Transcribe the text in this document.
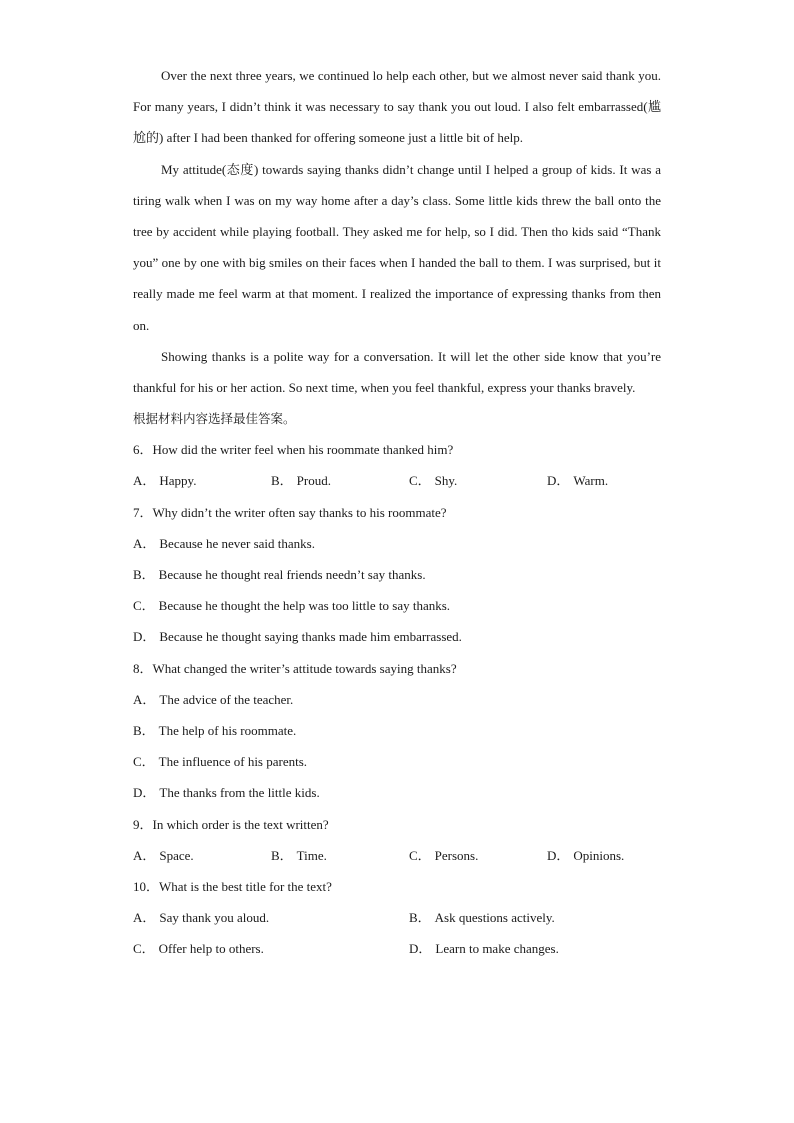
Over the next three years, we continued lo help each other, but we almost never said thank you. For many years, I didn’t think it was necessary to say thank you out loud. I also felt embarrassed(尴尬的) after I had been thanked for offering someone just a little bit of help.

My attitude(态度) towards saying thanks didn’t change until I helped a group of kids. It was a tiring walk when I was on my way home after a day’s class. Some little kids threw the ball onto the tree by accident while playing football. They asked me for help, so I did. Then tho kids said “Thank you” one by one with big smiles on their faces when I handed the ball to them. I was surprised, but it really made me feel warm at that moment. I realized the importance of expressing thanks from then on.

Showing thanks is a polite way for a conversation. It will let the other side know that you’re thankful for his or her action. So next time, when you feel thankful, express your thanks bravely.

根据材料内容选择最佳答案。

6．How did the writer feel when his roommate thanked him?

A． Happy.	B． Proud.	C． Shy.	D． Warm.

7．Why didn’t the writer often say thanks to his roommate?

A． Because he never said thanks.

B． Because he thought real friends needn’t say thanks.

C． Because he thought the help was too little to say thanks.

D． Because he thought saying thanks made him embarrassed.

8．What changed the writer’s attitude towards saying thanks?

A． The advice of the teacher.

B． The help of his roommate.

C． The influence of his parents.

D． The thanks from the little kids.

9．In which order is the text written?

A． Space.	B． Time.	C． Persons.	D． Opinions.

10．What is the best title for the text?

A． Say thank you aloud.	B． Ask questions actively.
C． Offer help to others.	D． Learn to make changes.
